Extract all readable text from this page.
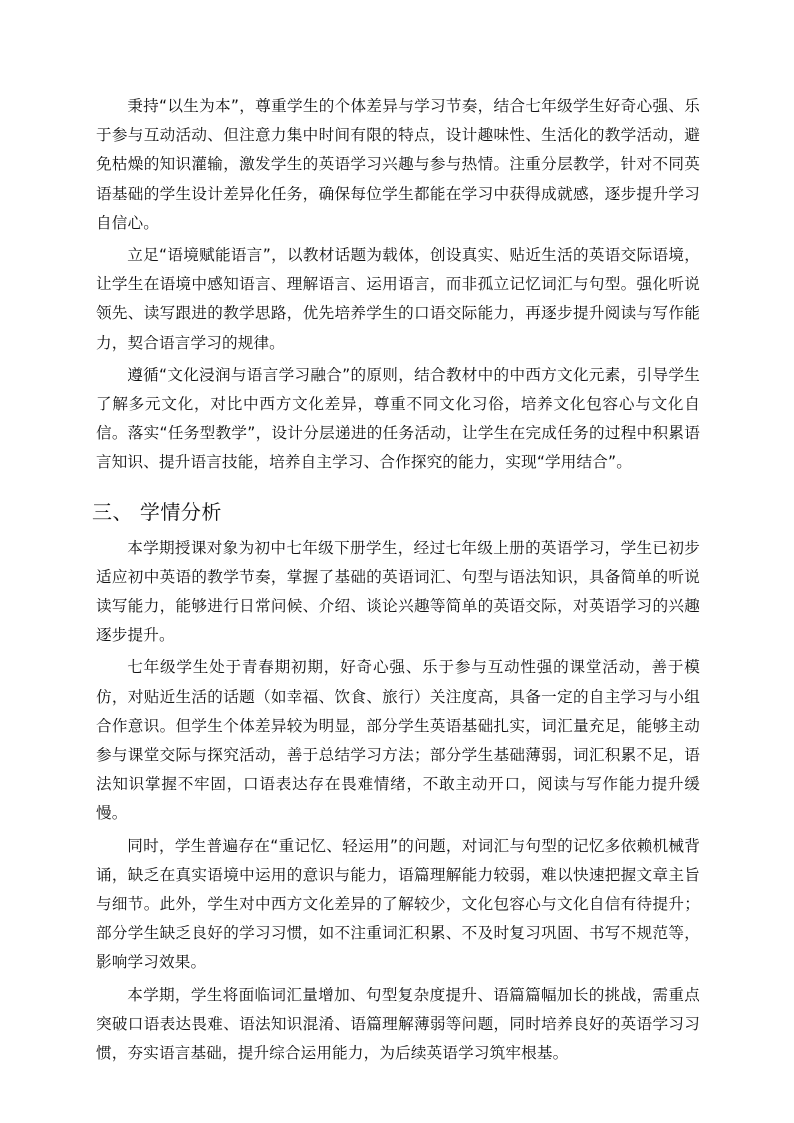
秉持“以生为本”，尊重学生的个体差异与学习节奏，结合七年级学生好奇心强、乐于参与互动活动、但注意力集中时间有限的特点，设计趣味性、生活化的教学活动，避免枯燥的知识灌输，激发学生的英语学习兴趣与参与热情。注重分层教学，针对不同英语基础的学生设计差异化任务，确保每位学生都能在学习中获得成就感，逐步提升学习自信心。

立足“语境赋能语言”，以教材话题为载体，创设真实、贴近生活的英语交际语境，让学生在语境中感知语言、理解语言、运用语言，而非孤立记忆词汇与句型。强化听说领先、读写跟进的教学思路，优先培养学生的口语交际能力，再逐步提升阅读与写作能力，契合语言学习的规律。

遵循“文化浸润与语言学习融合”的原则，结合教材中的中西方文化元素，引导学生了解多元文化，对比中西方文化差异，尊重不同文化习俗，培养文化包容心与文化自信。落实“任务型教学”，设计分层递进的任务活动，让学生在完成任务的过程中积累语言知识、提升语言技能，培养自主学习、合作探究的能力，实现“学用结合”。

三、 学情分析

本学期授课对象为初中七年级下册学生，经过七年级上册的英语学习，学生已初步适应初中英语的教学节奏，掌握了基础的英语词汇、句型与语法知识，具备简单的听说读写能力，能够进行日常问候、介绍、谈论兴趣等简单的英语交际，对英语学习的兴趣逐步提升。

七年级学生处于青春期初期，好奇心强、乐于参与互动性强的课堂活动，善于模仿，对贴近生活的话题（如幸福、饮食、旅行）关注度高，具备一定的自主学习与小组合作意识。但学生个体差异较为明显，部分学生英语基础扎实，词汇量充足，能够主动参与课堂交际与探究活动，善于总结学习方法；部分学生基础薄弱，词汇积累不足，语法知识掌握不牢固，口语表达存在畏难情绪，不敢主动开口，阅读与写作能力提升缓慢。

同时，学生普遍存在“重记忆、轻运用”的问题，对词汇与句型的记忆多依赖机械背诵，缺乏在真实语境中运用的意识与能力，语篇理解能力较弱，难以快速把握文章主旨与细节。此外，学生对中西方文化差异的了解较少，文化包容心与文化自信有待提升；部分学生缺乏良好的学习习惯，如不注重词汇积累、不及时复习巩固、书写不规范等，影响学习效果。

本学期，学生将面临词汇量增加、句型复杂度提升、语篇篇幅加长的挑战，需重点突破口语表达畏难、语法知识混淆、语篇理解薄弱等问题，同时培养良好的英语学习习惯，夯实语言基础，提升综合运用能力，为后续英语学习筑牢根基。
